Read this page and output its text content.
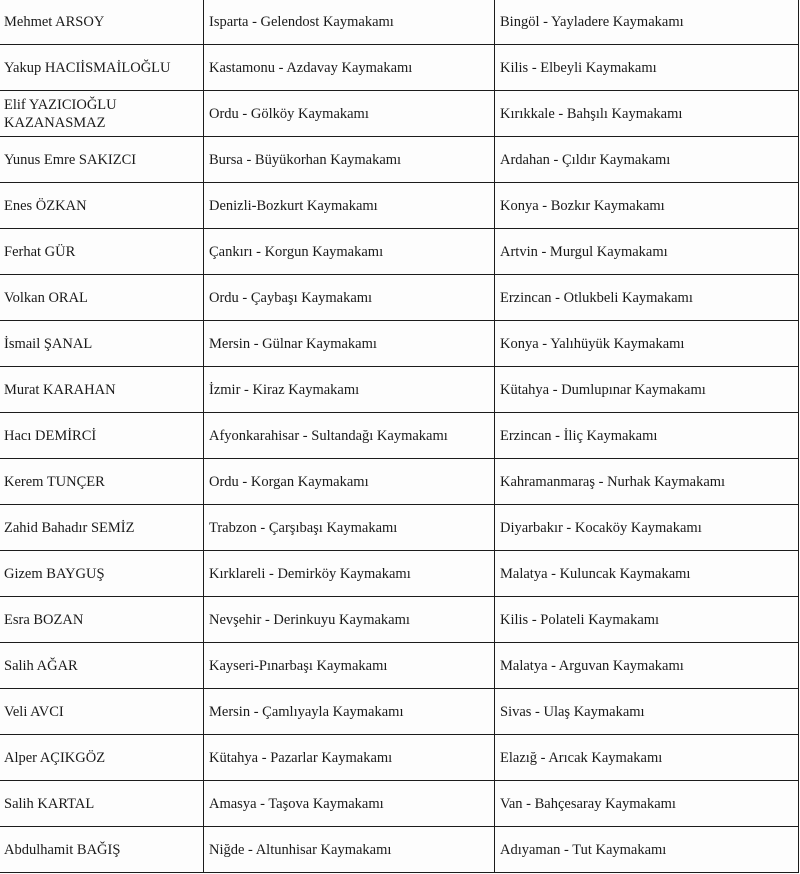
Mehmet ARSOY	Isparta - Gelendost Kaymakamı	Bingöl - Yayladere Kaymakamı
Yakup HACIİSMAİLOĞLU	Kastamonu - Azdavay Kaymakamı	Kilis - Elbeyli Kaymakamı
Elif YAZICIOĞLU KAZANASMAZ	Ordu - Gölköy Kaymakamı	Kırıkkale - Bahşılı Kaymakamı
Yunus Emre SAKIZCI	Bursa - Büyükorhan Kaymakamı	Ardahan - Çıldır Kaymakamı
Enes ÖZKAN	Denizli-Bozkurt Kaymakamı	Konya - Bozkır Kaymakamı
Ferhat GÜR	Çankırı - Korgun Kaymakamı	Artvin - Murgul Kaymakamı
Volkan ORAL	Ordu - Çaybaşı Kaymakamı	Erzincan - Otlukbeli Kaymakamı
İsmail ŞANAL	Mersin - Gülnar Kaymakamı	Konya - Yalıhüyük Kaymakamı
Murat KARAHAN	İzmir - Kiraz Kaymakamı	Kütahya - Dumlupınar Kaymakamı
Hacı DEMİRCİ	Afyonkarahisar - Sultandağı Kaymakamı	Erzincan - İliç Kaymakamı
Kerem TUNÇER	Ordu - Korgan Kaymakamı	Kahramanmaraş - Nurhak Kaymakamı
Zahid Bahadır SEMİZ	Trabzon - Çarşıbaşı Kaymakamı	Diyarbakır - Kocaköy Kaymakamı
Gizem BAYGUŞ	Kırklareli - Demirköy Kaymakamı	Malatya - Kuluncak Kaymakamı
Esra BOZAN	Nevşehir - Derinkuyu Kaymakamı	Kilis - Polateli Kaymakamı
Salih AĞAR	Kayseri-Pınarbaşı Kaymakamı	Malatya - Arguvan Kaymakamı
Veli AVCI	Mersin - Çamlıyayla Kaymakamı	Sivas - Ulaş Kaymakamı
Alper AÇIKGÖZ	Kütahya - Pazarlar Kaymakamı	Elazığ - Arıcak Kaymakamı
Salih KARTAL	Amasya - Taşova Kaymakamı	Van - Bahçesaray Kaymakamı
Abdulhamit BAĞIŞ	Niğde - Altunhisar Kaymakamı	Adıyaman - Tut Kaymakamı
